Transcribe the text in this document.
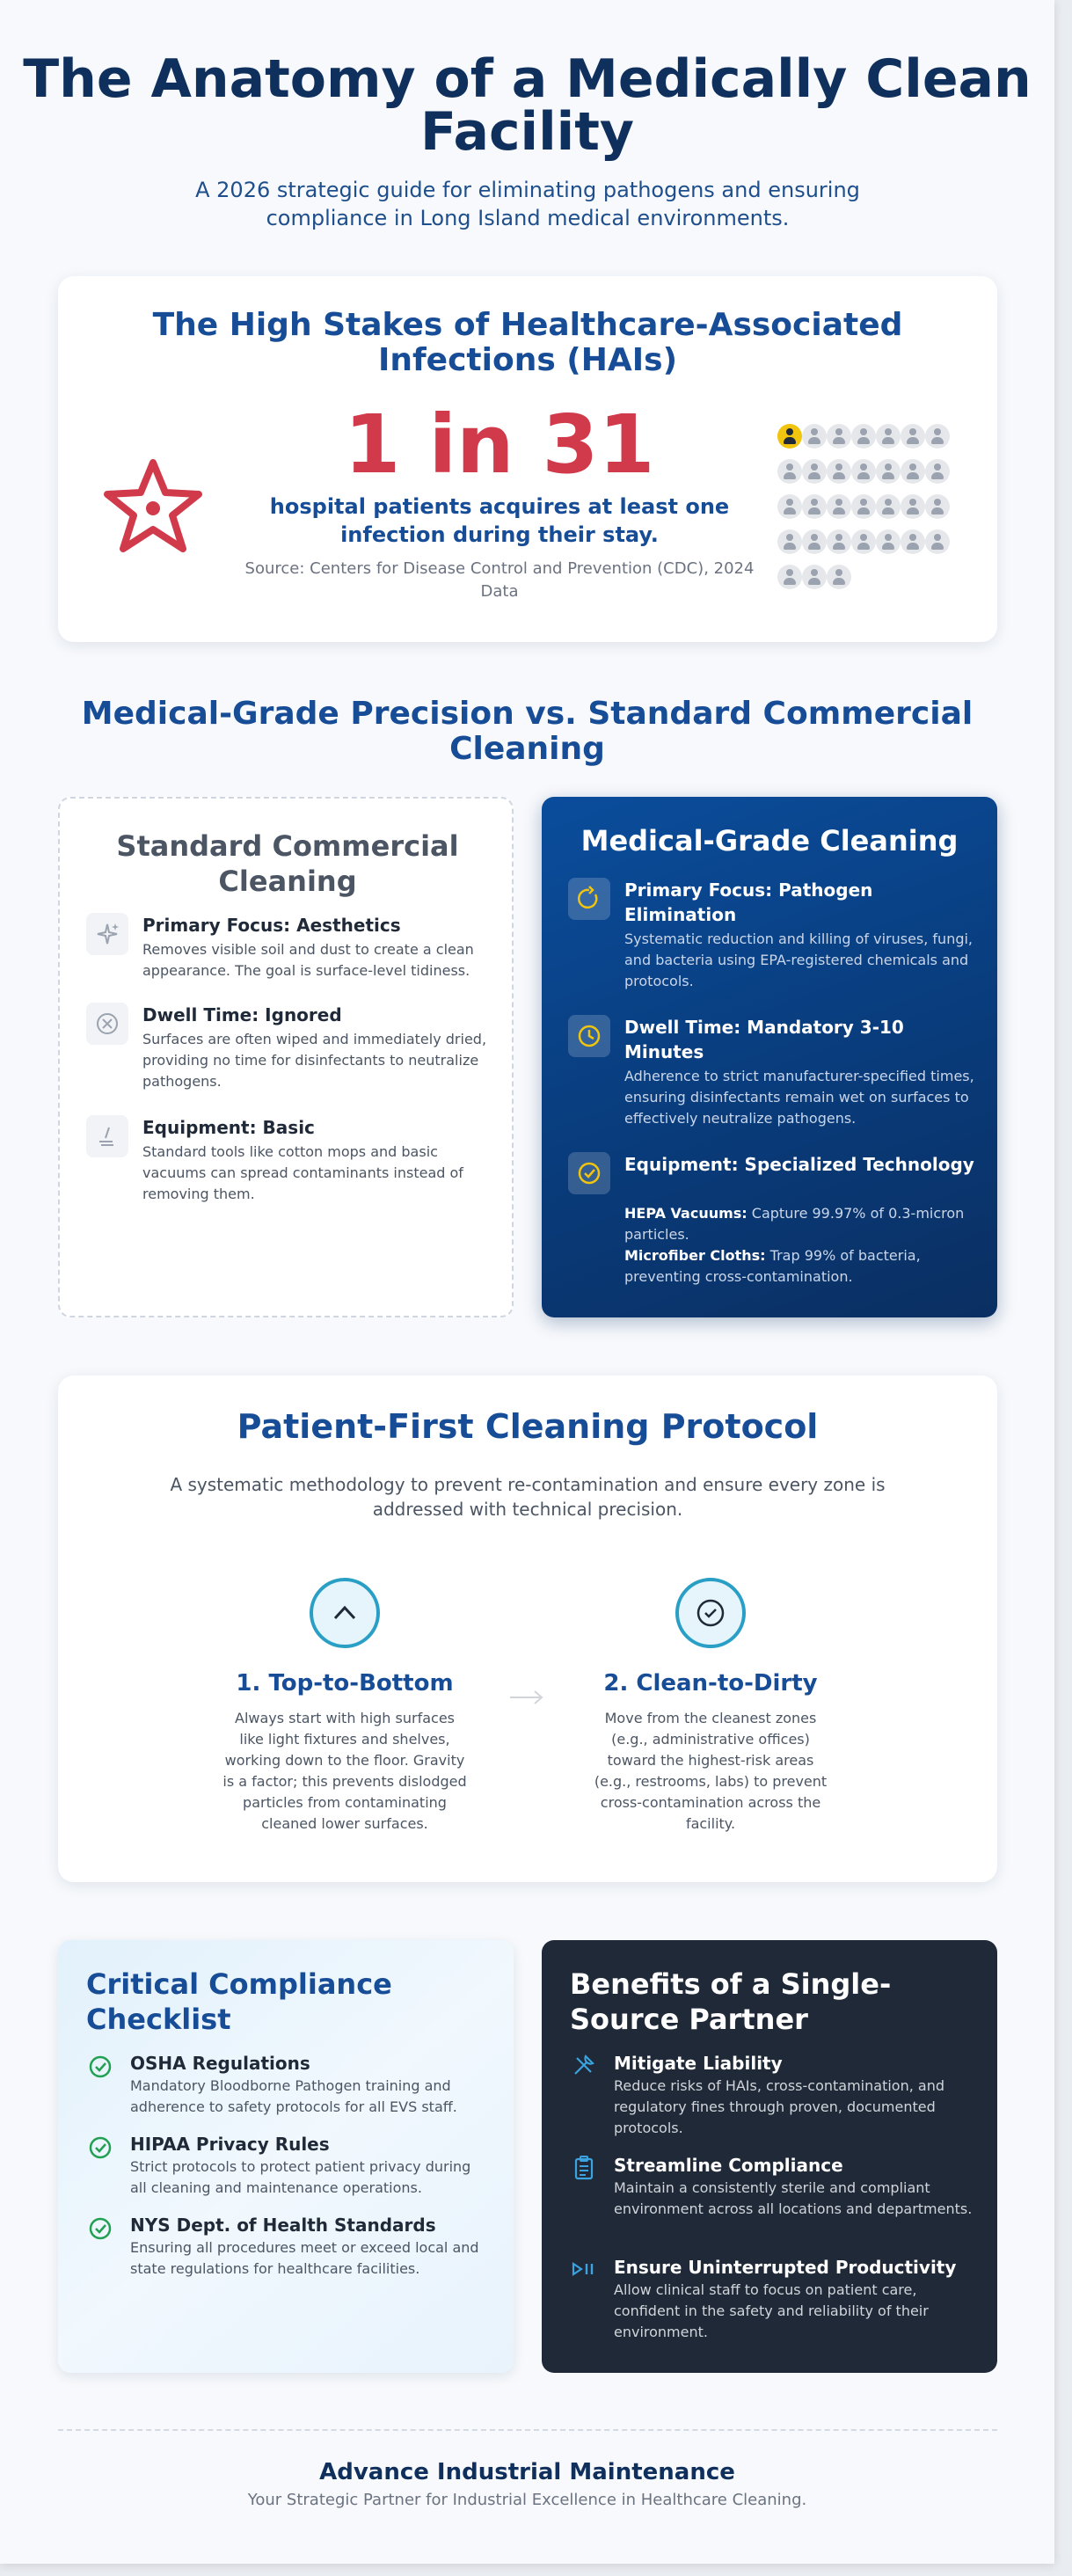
The Anatomy of a Medically Clean Facility

A 2026 strategic guide for eliminating pathogens and ensuring compliance in Long Island medical environments.

The High Stakes of Healthcare-Associated Infections (HAIs)
1 in 31
hospital patients acquires at least one infection during their stay.
Source: Centers for Disease Control and Prevention (CDC), 2024 Data
Medical-Grade Precision vs. Standard Commercial Cleaning
Standard Commercial Cleaning
Primary Focus: Aesthetics
Removes visible soil and dust to create a clean appearance. The goal is surface-level tidiness.
Dwell Time: Ignored
Surfaces are often wiped and immediately dried, providing no time for disinfectants to neutralize pathogens.
Equipment: Basic
Standard tools like cotton mops and basic vacuums can spread contaminants instead of removing them.
Medical-Grade Cleaning
Primary Focus: Pathogen Elimination
Systematic reduction and killing of viruses, fungi, and bacteria using EPA-registered chemicals and protocols.
Dwell Time: Mandatory 3-10 Minutes
Adherence to strict manufacturer-specified times, ensuring disinfectants remain wet on surfaces to effectively neutralize pathogens.
Equipment: Specialized Technology
HEPA Vacuums: Capture 99.97% of 0.3-micron particles.
Microfiber Cloths: Trap 99% of bacteria, preventing cross-contamination.
Patient-First Cleaning Protocol

A systematic methodology to prevent re-contamination and ensure every zone is addressed with technical precision.

1. Top-to-Bottom
Always start with high surfaces like light fixtures and shelves, working down to the floor. Gravity is a factor; this prevents dislodged particles from contaminating cleaned lower surfaces.
2. Clean-to-Dirty
Move from the cleanest zones (e.g., administrative offices) toward the highest-risk areas (e.g., restrooms, labs) to prevent cross-contamination across the facility.
Critical Compliance Checklist
OSHA Regulations
Mandatory Bloodborne Pathogen training and adherence to safety protocols for all EVS staff.
HIPAA Privacy Rules
Strict protocols to protect patient privacy during all cleaning and maintenance operations.
NYS Dept. of Health Standards
Ensuring all procedures meet or exceed local and state regulations for healthcare facilities.
Benefits of a Single-Source Partner
Mitigate Liability
Reduce risks of HAIs, cross-contamination, and regulatory fines through proven, documented protocols.
Streamline Compliance
Maintain a consistently sterile and compliant environment across all locations and departments.
Ensure Uninterrupted Productivity
Allow clinical staff to focus on patient care, confident in the safety and reliability of their environment.
Advance Industrial Maintenance
Your Strategic Partner for Industrial Excellence in Healthcare Cleaning.
